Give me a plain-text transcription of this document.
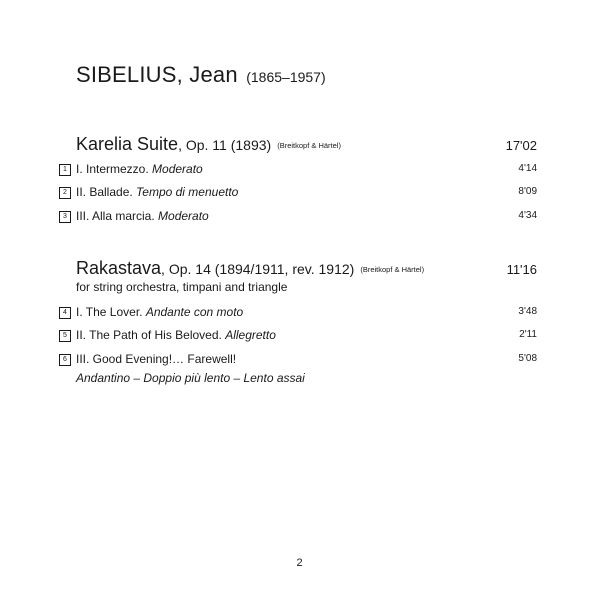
SIBELIUS, Jean (1865–1957)
Karelia Suite, Op. 11 (1893) (Breitkopf & Härtel)	17'02
1 I. Intermezzo. Moderato	4'14
2 II. Ballade. Tempo di menuetto	8'09
3 III. Alla marcia. Moderato	4'34
Rakastava, Op. 14 (1894/1911, rev. 1912) (Breitkopf & Härtel)	11'16
for string orchestra, timpani and triangle
4 I. The Lover. Andante con moto	3'48
5 II. The Path of His Beloved. Allegretto	2'11
6 III. Good Evening!… Farewell!	5'08
Andantino – Doppio più lento – Lento assai
2
